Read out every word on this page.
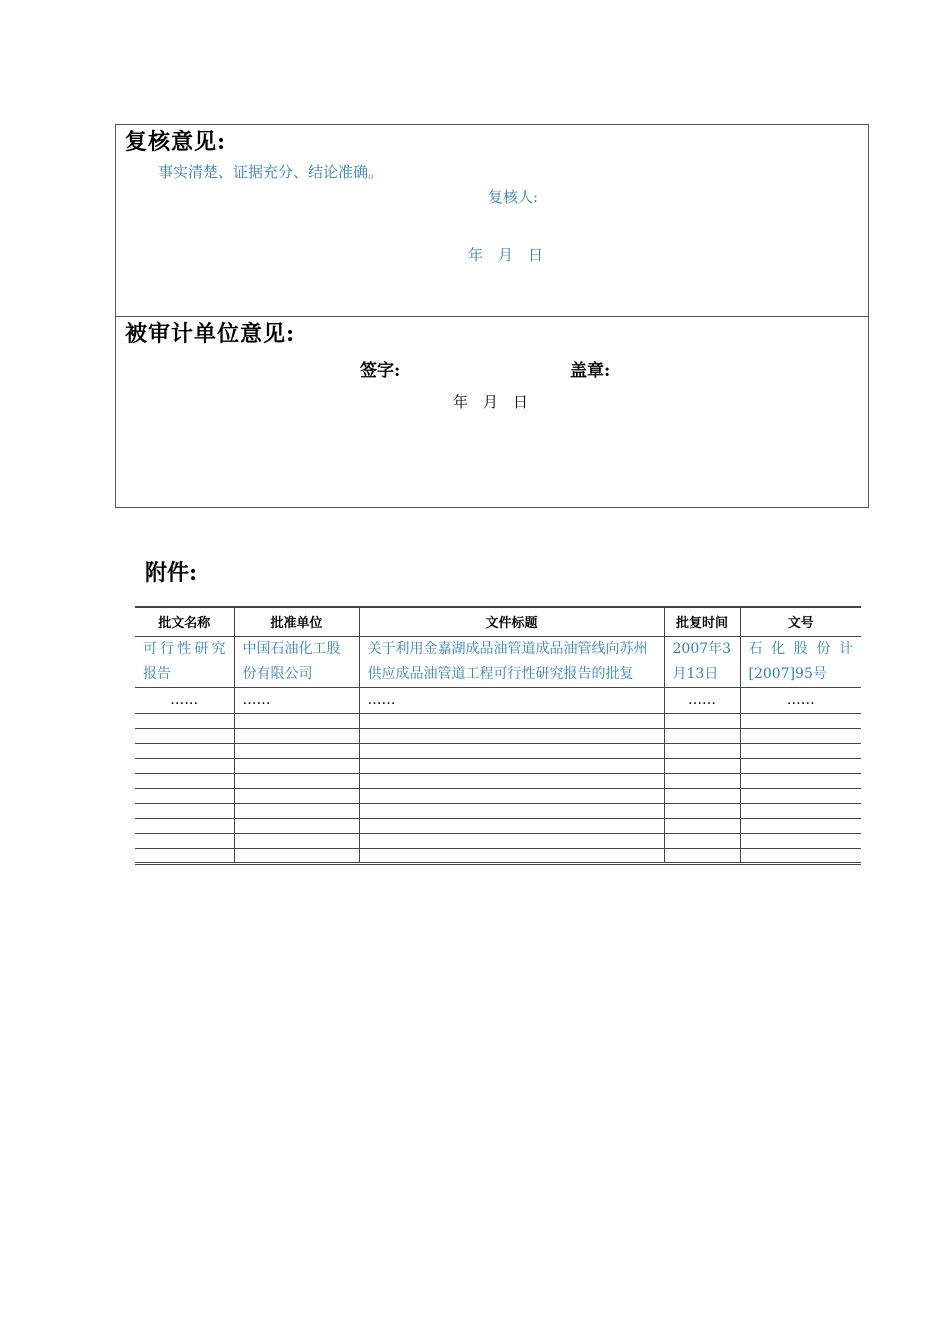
复核意见:
事实清楚、证据充分、结论准确。
复核人:
年　月　日
被审计单位意见:
签字:	盖章:
年　月　日
附件:
批文名称	批准单位	文件标题	批复时间	文号
可行性研究报告	中国石油化工股份有限公司	关于利用金嘉湖成品油管道成品油管线向苏州供应成品油管道工程可行性研究报告的批复	2007年3月13日	石化股份计[2007]95号
……	……	……	……	……
